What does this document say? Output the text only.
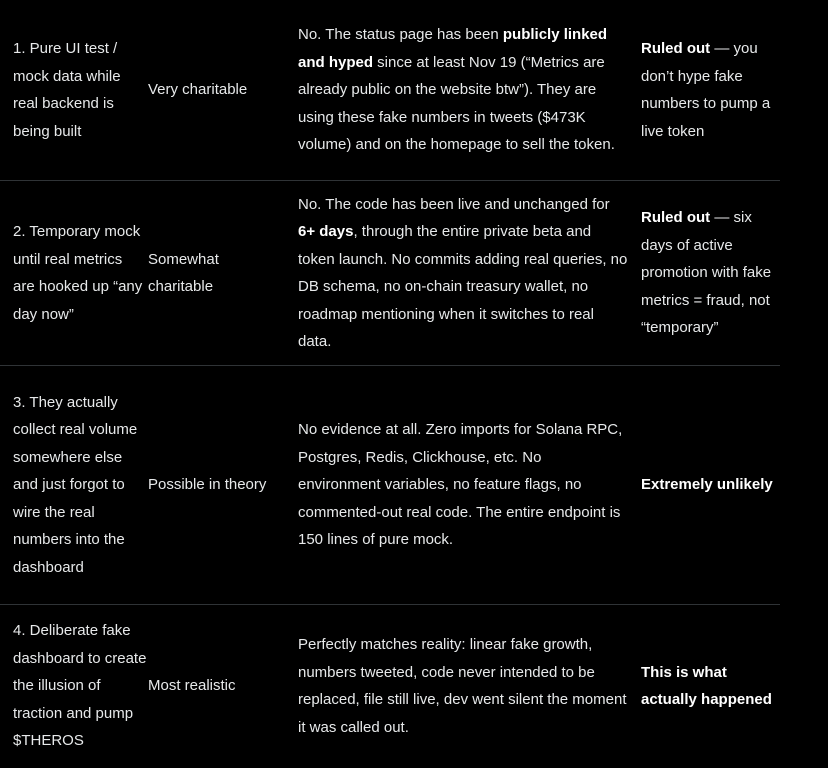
1. Pure UI test / mock data while real backend is being built	Very charitable	No. The status page has been publicly linked and hyped since at least Nov 19 (“Metrics are already public on the website btw”). They are using these fake numbers in tweets ($473K volume) and on the homepage to sell the token.	Ruled out — you don’t hype fake numbers to pump a live token

2. Temporary mock until real metrics are hooked up “any day now”	Somewhat charitable	No. The code has been live and unchanged for 6+ days, through the entire private beta and token launch. No commits adding real queries, no DB schema, no on-chain treasury wallet, no roadmap mentioning when it switches to real data.	Ruled out — six days of active promotion with fake metrics = fraud, not “temporary”

3. They actually collect real volume somewhere else and just forgot to wire the real numbers into the dashboard	Possible in theory	No evidence at all. Zero imports for Solana RPC, Postgres, Redis, Clickhouse, etc. No environment variables, no feature flags, no commented-out real code. The entire endpoint is 150 lines of pure mock.	Extremely unlikely

4. Deliberate fake dashboard to create the illusion of traction and pump $THEROS	Most realistic	Perfectly matches reality: linear fake growth, numbers tweeted, code never intended to be replaced, file still live, dev went silent the moment it was called out.	This is what actually happened
